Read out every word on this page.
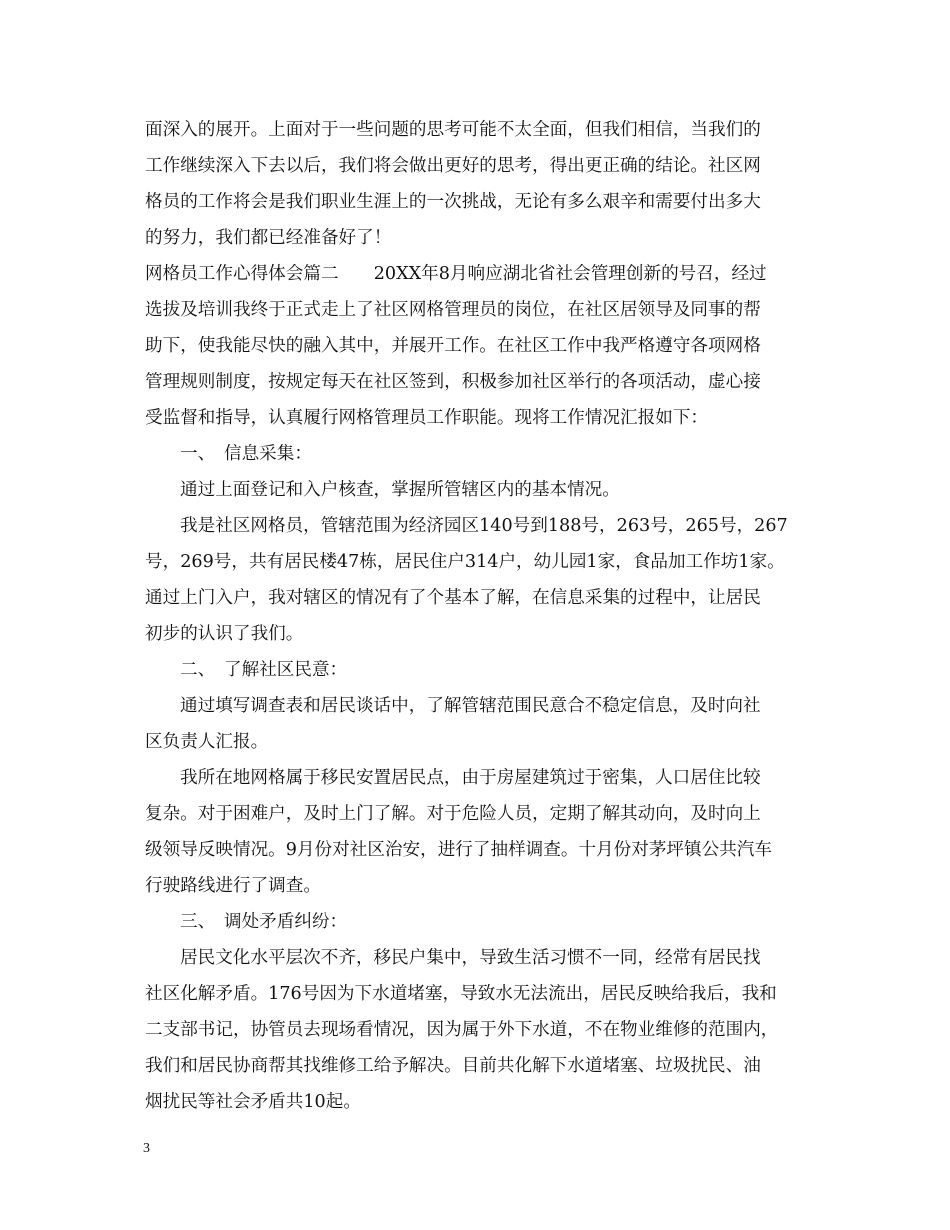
面深入的展开。上面对于一些问题的思考可能不太全面，但我们相信，当我们的
工作继续深入下去以后，我们将会做出更好的思考，得出更正确的结论。社区网
格员的工作将会是我们职业生涯上的一次挑战，无论有多么艰辛和需要付出多大
的努力，我们都已经准备好了！
网格员工作心得体会篇二　　20XX年8月响应湖北省社会管理创新的号召，经过
选拔及培训我终于正式走上了社区网格管理员的岗位，在社区居领导及同事的帮
助下，使我能尽快的融入其中，并展开工作。在社区工作中我严格遵守各项网格
管理规则制度，按规定每天在社区签到，积极参加社区举行的各项活动，虚心接
受监督和指导，认真履行网格管理员工作职能。现将工作情况汇报如下：
一、　信息采集：
通过上面登记和入户核查，掌握所管辖区内的基本情况。
我是社区网格员，管辖范围为经济园区140号到188号，263号，265号，267
号，269号，共有居民楼47栋，居民住户314户，幼儿园1家，食品加工作坊1家。
通过上门入户，我对辖区的情况有了个基本了解，在信息采集的过程中，让居民
初步的认识了我们。
二、　了解社区民意：
通过填写调查表和居民谈话中，了解管辖范围民意合不稳定信息，及时向社
区负责人汇报。
我所在地网格属于移民安置居民点，由于房屋建筑过于密集，人口居住比较
复杂。对于困难户，及时上门了解。对于危险人员，定期了解其动向，及时向上
级领导反映情况。9月份对社区治安，进行了抽样调查。十月份对茅坪镇公共汽车
行驶路线进行了调查。
三、　调处矛盾纠纷：
居民文化水平层次不齐，移民户集中，导致生活习惯不一同，经常有居民找
社区化解矛盾。176号因为下水道堵塞，导致水无法流出，居民反映给我后，我和
二支部书记，协管员去现场看情况，因为属于外下水道，不在物业维修的范围内，
我们和居民协商帮其找维修工给予解决。目前共化解下水道堵塞、垃圾扰民、油
烟扰民等社会矛盾共10起。
3
